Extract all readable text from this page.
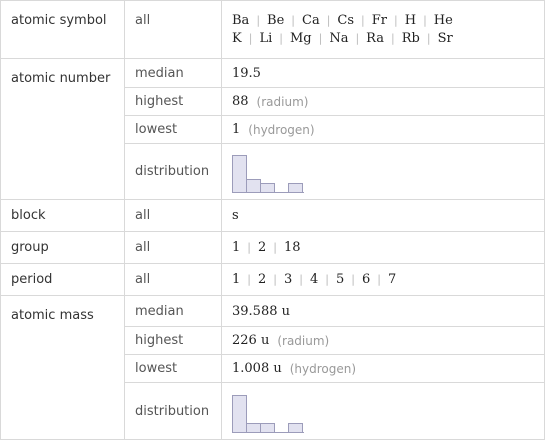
atomic symbol	all	Ba | Be | Ca | Cs | Fr | H | He
K | Li | Mg | Na | Ra | Rb | Sr
atomic number	median	19.5
highest	88 (radium)
lowest	1 (hydrogen)
distribution
block	all	s
group	all	1 | 2 | 18
period	all	1 | 2 | 3 | 4 | 5 | 6 | 7
atomic mass	median	39.588 u
highest	226 u (radium)
lowest	1.008 u (hydrogen)
distribution
